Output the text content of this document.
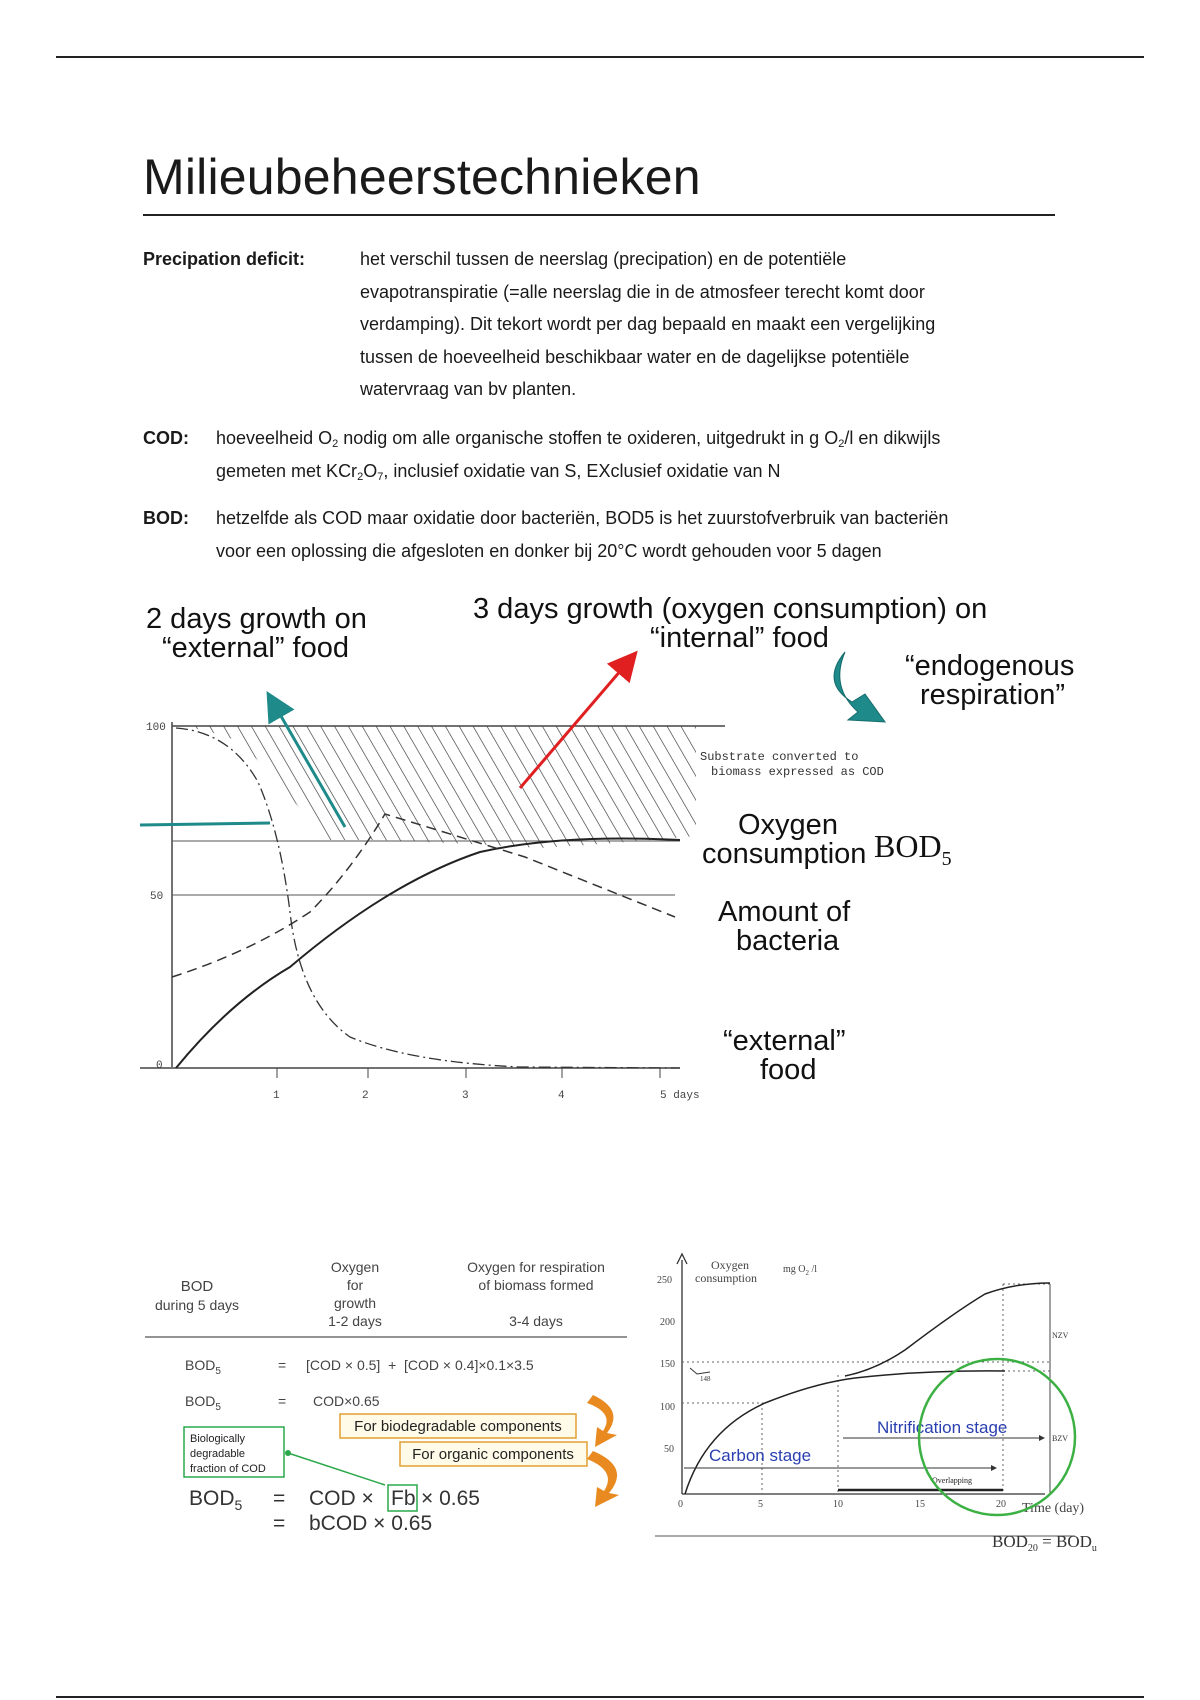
Milieubeheerstechnieken
Precipation deficit:	het verschil tussen de neerslag (precipation) en de potentiële
evapotranspiratie (=alle neerslag die in de atmosfeer terecht komt door
verdamping). Dit tekort wordt per dag bepaald en maakt een vergelijking
tussen de hoeveelheid beschikbaar water en de dagelijkse potentiële
watervraag van bv planten.
COD: hoeveelheid $O_2$ nodig om alle organische stoffen te oxideren, uitgedrukt in g $O_2/l$ en dikwijls
gemeten met $KCr_2O_7$, inclusief oxidatie van S, EXclusief oxidatie van N
BOD: hetzelfde als COD maar oxidatie door bacteriën, BOD5 is het zuurstofverbruik van bacteriën
voor een oplossing die afgesloten en donker bij 20°C wordt gehouden voor 5 dagen
100
50
0
1	2	3	4	5 days
2 days growth on
“external” food
3 days growth (oxygen consumption) on
“internal” food
“endogenous
respiration”
Substrate converted to
biomass expressed as COD
Oxygen
consumption $BOD_5$
Amount of
bacteria
“external”
food
BOD
during 5 days
Oxygen
for
growth
1-2 days
Oxygen for respiration
of biomass formed
3-4 days
$BOD_5$	= [COD × 0.5]  +  [COD × 0.4]×0.1×3.5
$BOD_5$	= COD×0.65
For biodegradable components
For organic components
Biologically
degradable
fraction of COD
$BOD_5$ = COD × Fb × 0.65
= bCOD × 0.65
Oxygen
consumption
mg $O_2$ /l
250
200
150
100
50
0	5	10	15	20 Time (day)
148
NZV
BZV
Overlapping
Nitrification stage
Carbon stage
$BOD_{20} = BOD_u$
